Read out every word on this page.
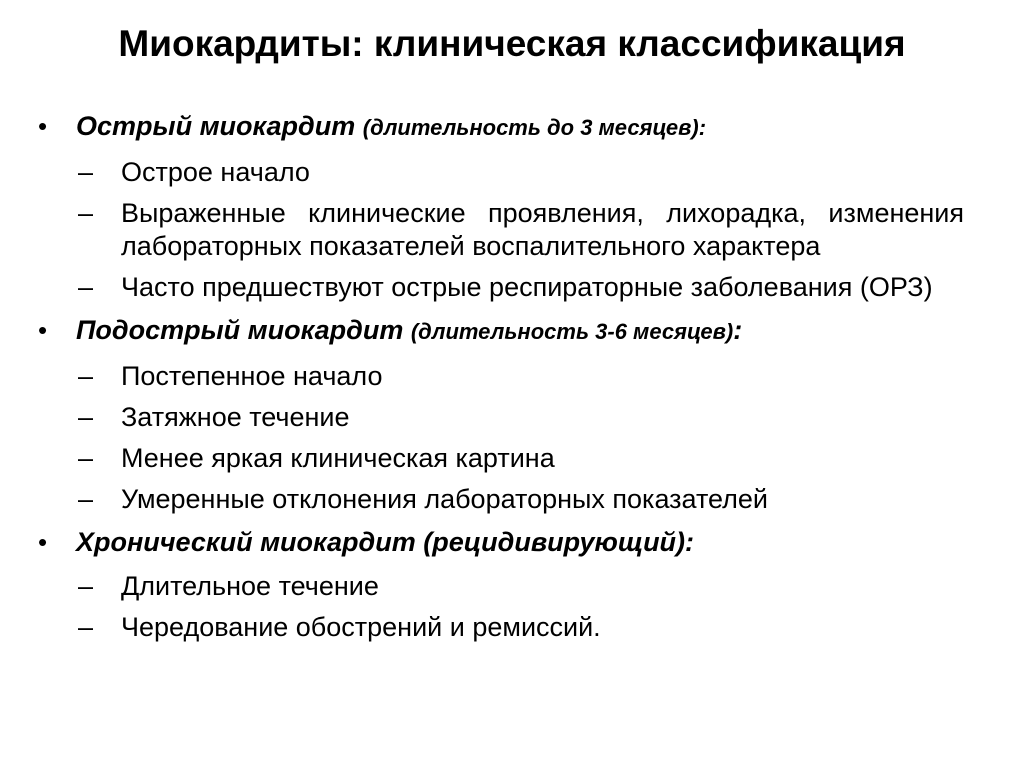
Миокардиты: клиническая классификация
• Острый миокардит (длительность до 3 месяцев):
– Острое начало
– Выраженные клинические проявления, лихорадка, изменения лабораторных показателей воспалительного характера
– Часто предшествуют острые респираторные заболевания (ОРЗ)
• Подострый миокардит (длительность 3-6 месяцев):
– Постепенное начало
– Затяжное течение
– Менее яркая клиническая картина
– Умеренные отклонения лабораторных показателей
• Хронический миокардит (рецидивирующий):
– Длительное течение
– Чередование обострений и ремиссий.
